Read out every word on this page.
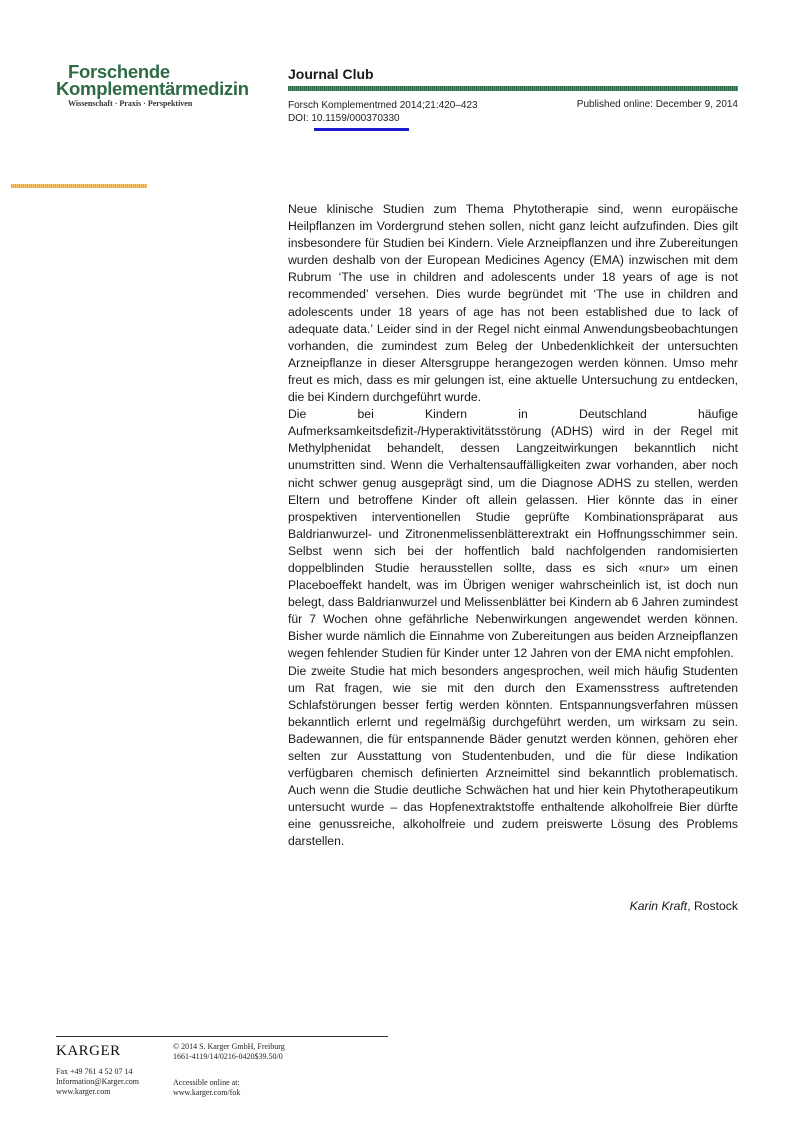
Forschende
Komplementärmedizin
Wissenschaft · Praxis · Perspektiven
Journal Club
Forsch Komplementmed 2014;21:420–423
DOI: 10.1159/000370330
Published online: December 9, 2014

Neue klinische Studien zum Thema Phytotherapie sind, wenn europäische Heilpflanzen im Vordergrund stehen sollen, nicht ganz leicht aufzufinden. Dies gilt insbesondere für Studien bei Kindern. Viele Arzneipflanzen und ihre Zubereitungen wurden deshalb von der European Medicines Agency (EMA) inzwischen mit dem Rubrum ‘The use in children and adolescents under 18 years of age is not recommended’ versehen. Dies wurde begründet mit ‘The use in children and adolescents under 18 years of age has not been established due to lack of adequate data.’ Leider sind in der Regel nicht einmal Anwendungsbeobachtungen vorhanden, die zumindest zum Beleg der Unbedenklichkeit der untersuchten Arzneipflanze in dieser Altersgruppe herangezogen werden können. Umso mehr freut es mich, dass es mir gelungen ist, eine aktuelle Untersuchung zu entdecken, die bei Kindern durchgeführt wurde.

Die bei Kindern in Deutschland häufige Aufmerksamkeitsdefizit-/Hyperaktivitätsstörung (ADHS) wird in der Regel mit Methylphenidat behandelt, dessen Langzeitwirkungen bekanntlich nicht unumstritten sind. Wenn die Verhaltensauffälligkeiten zwar vorhanden, aber noch nicht schwer genug ausgeprägt sind, um die Diagnose ADHS zu stellen, werden Eltern und betroffene Kinder oft allein gelassen. Hier könnte das in einer prospektiven interventionellen Studie geprüfte Kombinationspräparat aus Baldrianwurzel- und Zitronenmelissenblätterextrakt ein Hoffnungsschimmer sein. Selbst wenn sich bei der hoffentlich bald nachfolgenden randomisierten doppelblinden Studie herausstellen sollte, dass es sich «nur» um einen Placeboeffekt handelt, was im Übrigen weniger wahrscheinlich ist, ist doch nun belegt, dass Baldrianwurzel und Melissenblätter bei Kindern ab 6 Jahren zumindest für 7 Wochen ohne gefährliche Nebenwirkungen angewendet werden können. Bisher wurde nämlich die Einnahme von Zubereitungen aus beiden Arzneipflanzen wegen fehlender Studien für Kinder unter 12 Jahren von der EMA nicht empfohlen.

Die zweite Studie hat mich besonders angesprochen, weil mich häufig Studenten um Rat fragen, wie sie mit den durch den Examensstress auftretenden Schlafstörungen besser fertig werden könnten. Entspannungsverfahren müssen bekanntlich erlernt und regelmäßig durchgeführt werden, um wirksam zu sein. Badewannen, die für entspannende Bäder genutzt werden können, gehören eher selten zur Ausstattung von Studentenbuden, und die für diese Indikation verfügbaren chemisch definierten Arzneimittel sind bekanntlich problematisch. Auch wenn die Studie deutliche Schwächen hat und hier kein Phytotherapeutikum untersucht wurde – das Hopfenextraktstoffe enthaltende alkoholfreie Bier dürfte eine genussreiche, alkoholfreie und zudem preiswerte Lösung des Problems darstellen.

Karin Kraft, Rostock
KARGER	© 2014 S. Karger GmbH, Freiburg
1661-4119/14/0216-0420$39.50/0
Fax +49 761 4 52 07 14
Information@Karger.com
www.karger.com
Accessible online at:
www.karger.com/fok
